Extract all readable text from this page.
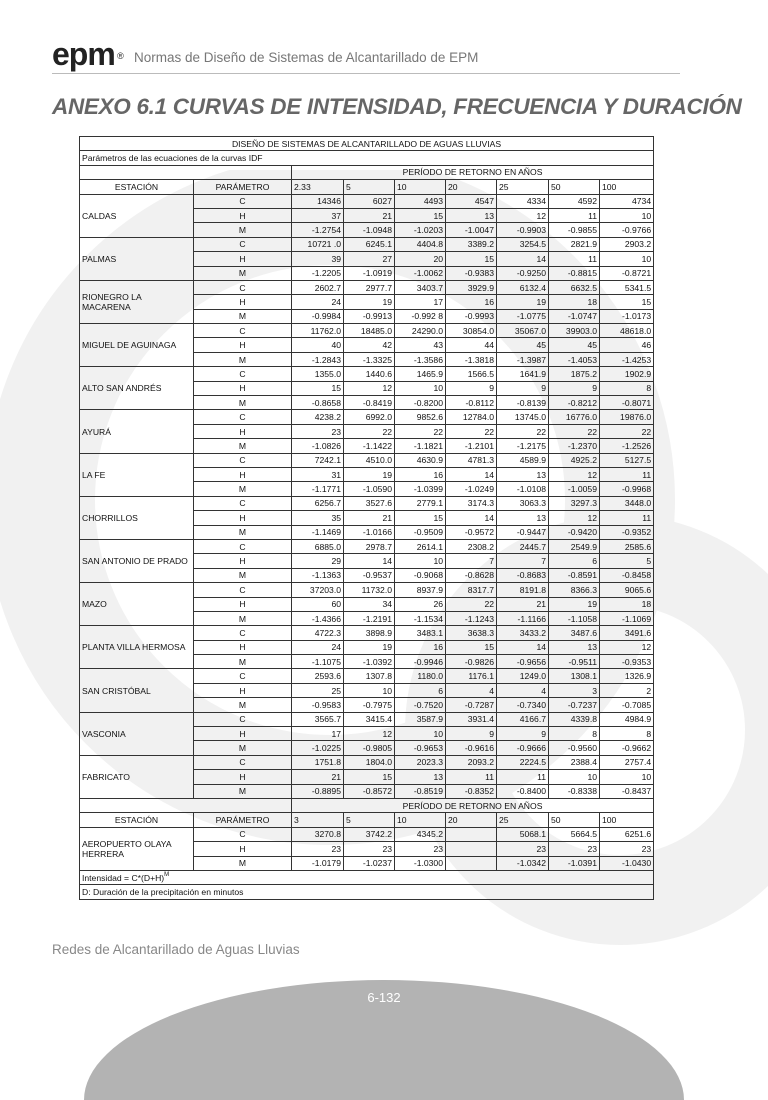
epm ® Normas de Diseño de Sistemas de Alcantarillado de EPM
ANEXO 6.1 CURVAS DE INTENSIDAD, FRECUENCIA Y DURACIÓN
DISEÑO DE SISTEMAS DE ALCANTARILLADO DE AGUAS LLUVIAS								
Parámetros de las ecuaciones de la curvas IDF								
		PERÍODO DE RETORNO EN AÑOS						
ESTACIÓN	PARÁMETRO	2.33	5	10	20	25	50	100
CALDAS	C	14346	6027	4493	4547	4334	4592	4734
	H	37	21	15	13	12	11	10
	M	-1.2754	-1.0948	-1.0203	-1.0047	-0.9903	-0.9855	-0.9766
PALMAS	C	10721 .0	6245.1	4404.8	3389.2	3254.5	2821.9	2903.2
	H	39	27	20	15	14	11	10
	M	-1.2205	-1.0919	-1.0062	-0.9383	-0.9250	-0.8815	-0.8721
RIONEGRO LA MACARENA	C	2602.7	2977.7	3403.7	3929.9	6132.4	6632.5	5341.5
	H	24	19	17	16	19	18	15
	M	-0.9984	-0.9913	-0.992 8	-0.9993	-1.0775	-1.0747	-1.0173
MIGUEL DE AGUINAGA	C	11762.0	18485.0	24290.0	30854.0	35067.0	39903.0	48618.0
	H	40	42	43	44	45	45	46
	M	-1.2843	-1.3325	-1.3586	-1.3818	-1.3987	-1.4053	-1.4253
ALTO SAN ANDRÉS	C	1355.0	1440.6	1465.9	1566.5	1641.9	1875.2	1902.9
	H	15	12	10	9	9	9	8
	M	-0.8658	-0.8419	-0.8200	-0.8112	-0.8139	-0.8212	-0.8071
AYURÁ	C	4238.2	6992.0	9852.6	12784.0	13745.0	16776.0	19876.0
	H	23	22	22	22	22	22	22
	M	-1.0826	-1.1422	-1.1821	-1.2101	-1.2175	-1.2370	-1.2526
LA FE	C	7242.1	4510.0	4630.9	4781.3	4589.9	4925.2	5127.5
	H	31	19	16	14	13	12	11
	M	-1.1771	-1.0590	-1.0399	-1.0249	-1.0108	-1.0059	-0.9968
CHORRILLOS	C	6256.7	3527.6	2779.1	3174.3	3063.3	3297.3	3448.0
	H	35	21	15	14	13	12	11
	M	-1.1469	-1.0166	-0.9509	-0.9572	-0.9447	-0.9420	-0.9352
SAN ANTONIO DE PRADO	C	6885.0	2978.7	2614.1	2308.2	2445.7	2549.9	2585.6
	H	29	14	10	7	7	6	5
	M	-1.1363	-0.9537	-0.9068	-0.8628	-0.8683	-0.8591	-0.8458
MAZO	C	37203.0	11732.0	8937.9	8317.7	8191.8	8366.3	9065.6
	H	60	34	26	22	21	19	18
	M	-1.4366	-1.2191	-1.1534	-1.1243	-1.1166	-1.1058	-1.1069
PLANTA VILLA HERMOSA	C	4722.3	3898.9	3483.1	3638.3	3433.2	3487.6	3491.6
	H	24	19	16	15	14	13	12
	M	-1.1075	-1.0392	-0.9946	-0.9826	-0.9656	-0.9511	-0.9353
SAN CRISTÓBAL	C	2593.6	1307.8	1180.0	1176.1	1249.0	1308.1	1326.9
	H	25	10	6	4	4	3	2
	M	-0.9583	-0.7975	-0.7520	-0.7287	-0.7340	-0.7237	-0.7085
VASCONIA	C	3565.7	3415.4	3587.9	3931.4	4166.7	4339.8	4984.9
	H	17	12	10	9	9	8	8
	M	-1.0225	-0.9805	-0.9653	-0.9616	-0.9666	-0.9560	-0.9662
FABRICATO	C	1751.8	1804.0	2023.3	2093.2	2224.5	2388.4	2757.4
	H	21	15	13	11	11	10	10
	M	-0.8895	-0.8572	-0.8519	-0.8352	-0.8400	-0.8338	-0.8437
		PERÍODO DE RETORNO EN AÑOS						
ESTACIÓN	PARÁMETRO	3	5	10	20	25	50	100
AEROPUERTO OLAYA HERRERA	C	3270.8	3742.2	4345.2		5068.1	5664.5	6251.6
	H	23	23	23		23	23	23
	M	-1.0179	-1.0237	-1.0300		-1.0342	-1.0391	-1.0430
Intensidad = $C*(D+H)^M$
D: Duración de la precipitación en minutos								
Redes de Alcantarillado de Aguas Lluvias
6-132
